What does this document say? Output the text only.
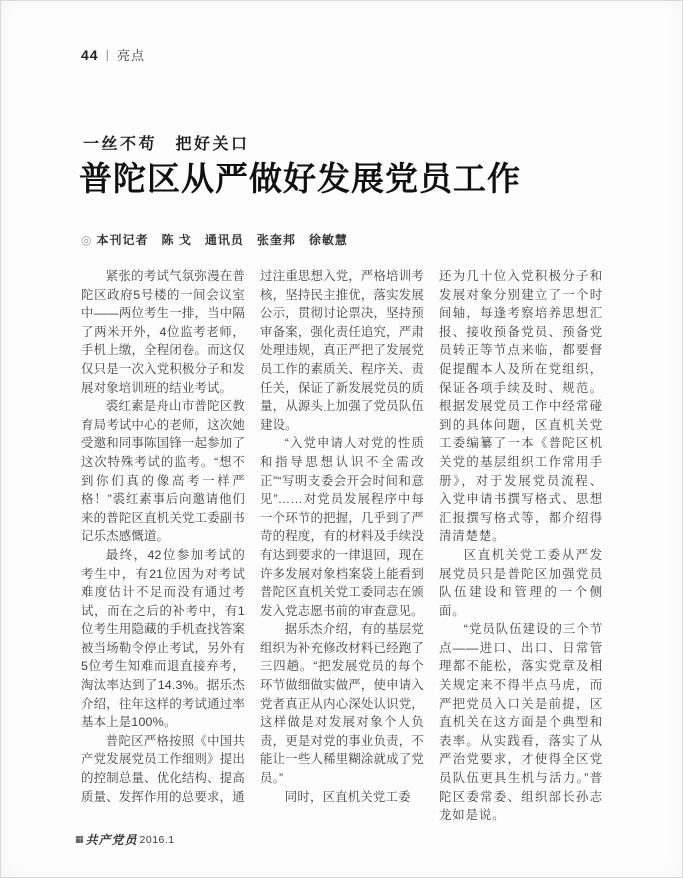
44 | 亮点
一丝不苟　把好关口
普陀区从严做好发展党员工作
◎ 本刊记者　陈 戈　通讯员　张奎邦　徐敏慧

紧张的考试气氛弥漫在普陀区政府5号楼的一间会议室中——两位考生一排，当中隔了两米开外，4位监考老师，手机上缴，全程闭卷。而这仅仅只是一次入党积极分子和发展对象培训班的结业考试。

裘红素是舟山市普陀区教育局考试中心的老师，这次她受邀和同事陈国锋一起参加了这次特殊考试的监考。“想不到你们真的像高考一样严格！”裘红素事后向邀请他们来的普陀区直机关党工委副书记乐杰感慨道。

最终，42位参加考试的考生中，有21位因为对考试难度估计不足而没有通过考试，而在之后的补考中，有1位考生用隐藏的手机查找答案被当场勒令停止考试，另外有5位考生知难而退直接弃考，淘汰率达到了14.3%。据乐杰介绍，往年这样的考试通过率基本上是100%。

普陀区严格按照《中国共产党发展党员工作细则》提出的控制总量、优化结构、提高质量、发挥作用的总要求，通

过注重思想入党，严格培训考核，坚持民主推优，落实发展公示，贯彻讨论票决，坚持预审备案，强化责任追究，严肃处理违规，真正严把了发展党员工作的素质关、程序关、责任关，保证了新发展党员的质量，从源头上加强了党员队伍建设。

“入党申请人对党的性质和指导思想认识不全需改正”“写明支委会开会时间和意见”……对党员发展程序中每一个环节的把握，几乎到了严苛的程度，有的材料及手续没有达到要求的一律退回，现在许多发展对象档案袋上能看到普陀区直机关党工委同志在颁发入党志愿书前的审查意见。

据乐杰介绍，有的基层党组织为补充修改材料已经跑了三四趟。“把发展党员的每个环节做细做实做严，使申请入党者真正从内心深处认识党，这样做是对发展对象个人负责，更是对党的事业负责，不能让一些人稀里糊涂就成了党员。”

同时，区直机关党工委

还为几十位入党积极分子和发展对象分别建立了一个时间轴，每逢考察培养思想汇报、接收预备党员、预备党员转正等节点来临，都要督促提醒本人及所在党组织，保证各项手续及时、规范。根据发展党员工作中经常碰到的具体问题，区直机关党工委编纂了一本《普陀区机关党的基层组织工作常用手册》，对于发展党员流程、入党申请书撰写格式、思想汇报撰写格式等，都介绍得清清楚楚。

区直机关党工委从严发展党员只是普陀区加强党员队伍建设和管理的一个侧面。

“党员队伍建设的三个节点——进口、出口、日常管理都不能松，落实党章及相关规定来不得半点马虎，而严把党员入口关是前提，区直机关在这方面是个典型和表率。从实践看，落实了从严治党要求，才使得全区党员队伍更具生机与活力。”普陀区委常委、组织部长孙志龙如是说。

▦ 共产党员 2016.1
